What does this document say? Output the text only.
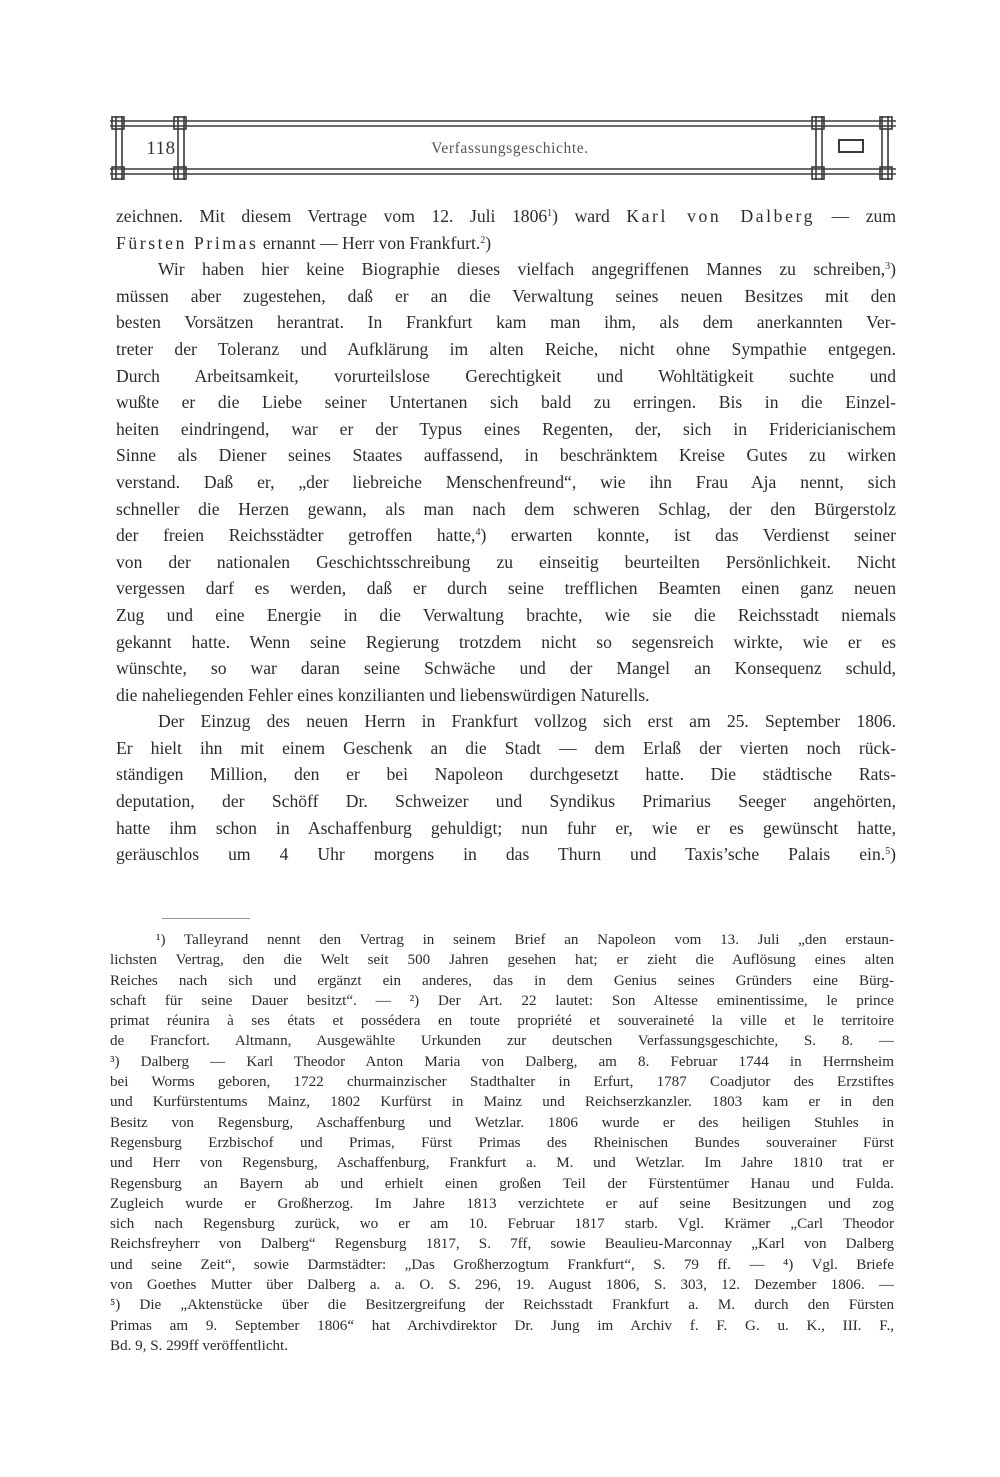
118	Verfassungsgeschichte.

zeichnen. Mit diesem Vertrage vom 12. Juli 1806$^1$) ward Karl von Dalberg — zum
Fürsten Primas ernannt — Herr von Frankfurt.$^2$)

Wir haben hier keine Biographie dieses vielfach angegriffenen Mannes zu schreiben,$^3$)
müssen aber zugestehen, daß er an die Verwaltung seines neuen Besitzes mit den
besten Vorsätzen herantrat. In Frankfurt kam man ihm, als dem anerkannten Ver-
treter der Toleranz und Aufklärung im alten Reiche, nicht ohne Sympathie entgegen.
Durch Arbeitsamkeit, vorurteilslose Gerechtigkeit und Wohltätigkeit suchte und
wußte er die Liebe seiner Untertanen sich bald zu erringen. Bis in die Einzel-
heiten eindringend, war er der Typus eines Regenten, der, sich in Fridericianischem
Sinne als Diener seines Staates auffassend, in beschränktem Kreise Gutes zu wirken
verstand. Daß er, „der liebreiche Menschenfreund“, wie ihn Frau Aja nennt, sich
schneller die Herzen gewann, als man nach dem schweren Schlag, der den Bürgerstolz
der freien Reichsstädter getroffen hatte,$^4$) erwarten konnte, ist das Verdienst seiner
von der nationalen Geschichtsschreibung zu einseitig beurteilten Persönlichkeit. Nicht
vergessen darf es werden, daß er durch seine trefflichen Beamten einen ganz neuen
Zug und eine Energie in die Verwaltung brachte, wie sie die Reichsstadt niemals
gekannt hatte. Wenn seine Regierung trotzdem nicht so segensreich wirkte, wie er es
wünschte, so war daran seine Schwäche und der Mangel an Konsequenz schuld,
die naheliegenden Fehler eines konzilianten und liebenswürdigen Naturells.

Der Einzug des neuen Herrn in Frankfurt vollzog sich erst am 25. September 1806.
Er hielt ihn mit einem Geschenk an die Stadt — dem Erlaß der vierten noch rück-
ständigen Million, den er bei Napoleon durchgesetzt hatte. Die städtische Rats-
deputation, der Schöff Dr. Schweizer und Syndikus Primarius Seeger angehörten,
hatte ihm schon in Aschaffenburg gehuldigt; nun fuhr er, wie er es gewünscht hatte,
geräuschlos um 4 Uhr morgens in das Thurn und Taxis’sche Palais ein.$^5$)

¹) Talleyrand nennt den Vertrag in seinem Brief an Napoleon vom 13. Juli „den erstaun-
lichsten Vertrag, den die Welt seit 500 Jahren gesehen hat; er zieht die Auflösung eines alten
Reiches nach sich und ergänzt ein anderes, das in dem Genius seines Gründers eine Bürg-
schaft für seine Dauer besitzt“. — ²) Der Art. 22 lautet: Son Altesse eminentissime, le prince
primat réunira à ses états et possédera en toute propriété et souveraineté la ville et le territoire
de Francfort. Altmann, Ausgewählte Urkunden zur deutschen Verfassungsgeschichte, S. 8. —
³) Dalberg — Karl Theodor Anton Maria von Dalberg, am 8. Februar 1744 in Herrnsheim
bei Worms geboren, 1722 churmainzischer Stadthalter in Erfurt, 1787 Coadjutor des Erzstiftes
und Kurfürstentums Mainz, 1802 Kurfürst in Mainz und Reichserzkanzler. 1803 kam er in den
Besitz von Regensburg, Aschaffenburg und Wetzlar. 1806 wurde er des heiligen Stuhles in
Regensburg Erzbischof und Primas, Fürst Primas des Rheinischen Bundes souverainer Fürst
und Herr von Regensburg, Aschaffenburg, Frankfurt a. M. und Wetzlar. Im Jahre 1810 trat er
Regensburg an Bayern ab und erhielt einen großen Teil der Fürstentümer Hanau und Fulda.
Zugleich wurde er Großherzog. Im Jahre 1813 verzichtete er auf seine Besitzungen und zog
sich nach Regensburg zurück, wo er am 10. Februar 1817 starb. Vgl. Krämer „Carl Theodor
Reichsfreyherr von Dalberg“ Regensburg 1817, S. 7ff, sowie Beaulieu-Marconnay „Karl von Dalberg
und seine Zeit“, sowie Darmstädter: „Das Großherzogtum Frankfurt“, S. 79 ff. — ⁴) Vgl. Briefe
von Goethes Mutter über Dalberg a. a. O. S. 296, 19. August 1806, S. 303, 12. Dezember 1806. —
⁵) Die „Aktenstücke über die Besitzergreifung der Reichsstadt Frankfurt a. M. durch den Fürsten
Primas am 9. September 1806“ hat Archivdirektor Dr. Jung im Archiv f. F. G. u. K., III. F.,
Bd. 9, S. 299ff veröffentlicht.
